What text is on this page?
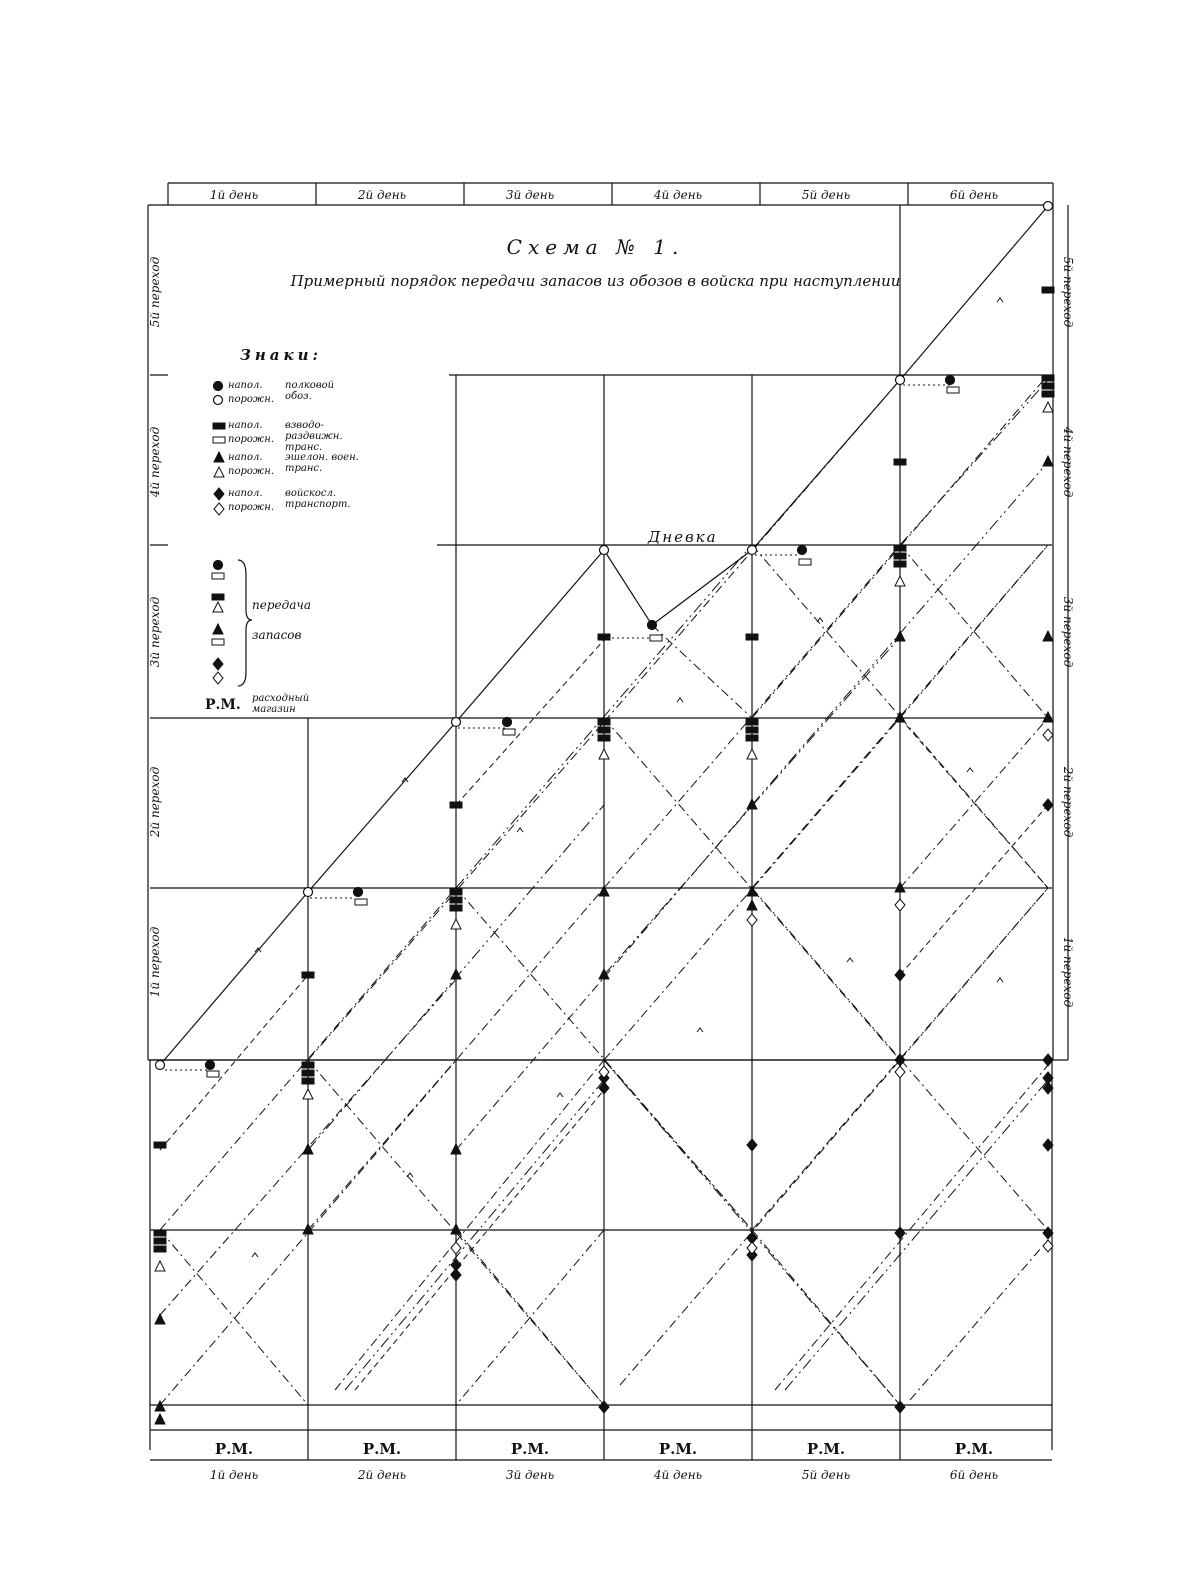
1й день	2й день	3й день	4й день	5й день	6й день
1й день	2й день	3й день	4й день	5й день	6й день
Р.М.	Р.М.	Р.М.	Р.М.	Р.М.	Р.М.
1й переход
2й переход
3й переход
4й переход
5й переход
1й переход
2й переход
3й переход
4й переход
5й переход
Схема № 1.
Примерный порядок передачи запасов из обозов в войска при наступлении
Дневка
Знаки:
напол.
порожн.
полковой обоз.
напол.
порожн.
взводо-раздвижн. транс.
напол.
порожн.
эшелон. воен. транс.
напол.
порожн.
войскосл. транспорт.
передача запасов
Р.М. расходный магазин
